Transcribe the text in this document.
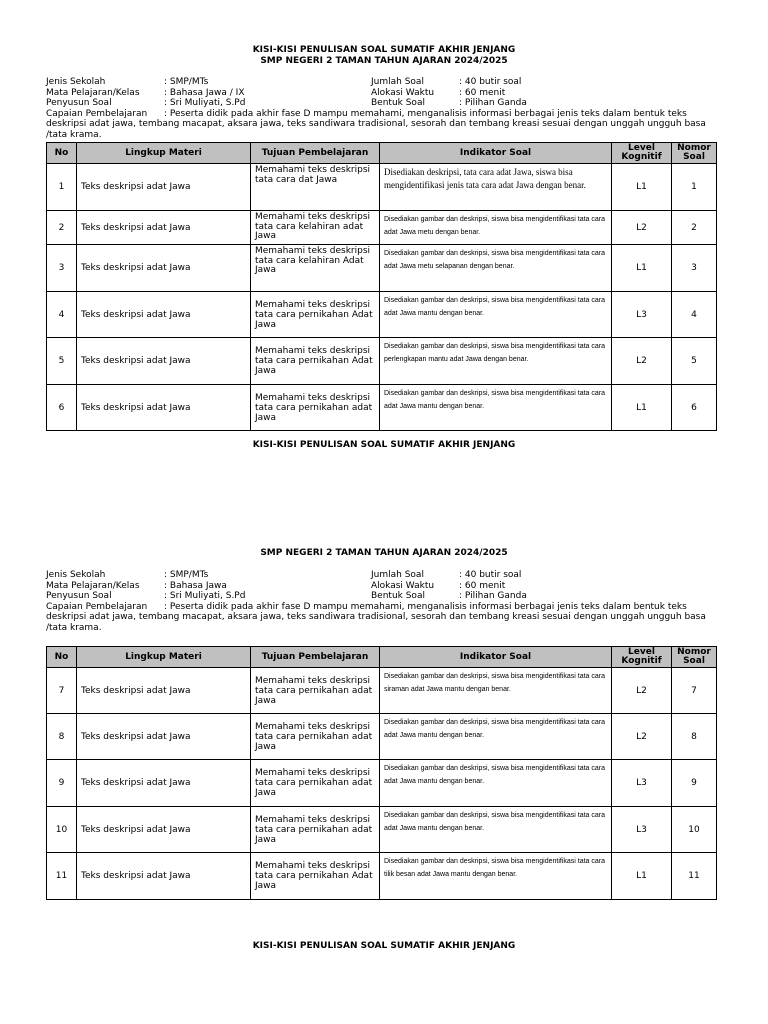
KISI-KISI PENULISAN SOAL SUMATIF AKHIR JENJANG
SMP NEGERI 2 TAMAN TAHUN AJARAN 2024/2025
Jenis Sekolah	: SMP/MTs	Jumlah Soal	: 40 butir soal
Mata Pelajaran/Kelas	: Bahasa Jawa / IX	Alokasi Waktu	: 60 menit
Penyusun Soal	: Sri Muliyati, S.Pd	Bentuk Soal	: Pilihan Ganda
Capaian Pembelajaran : Peserta didik pada akhir fase D mampu memahami, menganalisis informasi berbagai jenis teks dalam bentuk teks deskripsi adat jawa, tembang macapat, aksara jawa, teks sandiwara tradisional, sesorah dan tembang kreasi sesuai dengan unggah ungguh basa /tata krama.
No	Lingkup Materi	Tujuan Pembelajaran	Indikator Soal	Level Kognitif	Nomor Soal
1	Teks deskripsi adat Jawa	Memahami teks deskripsi tata cara dat Jawa	Disediakan deskripsi, tata cara adat Jawa, siswa bisa mengidentifikasi jenis tata cara adat Jawa dengan benar.	L1	1
2	Teks deskripsi adat Jawa	Memahami teks deskripsi tata cara kelahiran adat Jawa	Disediakan gambar dan deskripsi, siswa bisa mengidentifikasi tata cara adat Jawa metu dengan benar.	L2	2
3	Teks deskripsi adat Jawa	Memahami teks deskripsi tata cara kelahiran Adat Jawa	Disediakan gambar dan deskripsi, siswa bisa mengidentifikasi tata cara adat Jawa metu selapanan dengan benar.	L1	3
4	Teks deskripsi adat Jawa	Memahami teks deskripsi tata cara pernikahan Adat Jawa	Disediakan gambar dan deskripsi, siswa bisa mengidentifikasi tata cara adat Jawa mantu dengan benar.	L3	4
5	Teks deskripsi adat Jawa	Memahami teks deskripsi tata cara pernikahan Adat Jawa	Disediakan gambar dan deskripsi, siswa bisa mengidentifikasi tata cara perlengkapan mantu adat Jawa dengan benar.	L2	5
6	Teks deskripsi adat Jawa	Memahami teks deskripsi tata cara pernikahan adat Jawa	Disediakan gambar dan deskripsi, siswa bisa mengidentifikasi tata cara adat Jawa mantu dengan benar.	L1	6
KISI-KISI PENULISAN SOAL SUMATIF AKHIR JENJANG
SMP NEGERI 2 TAMAN TAHUN AJARAN 2024/2025
Jenis Sekolah	: SMP/MTs	Jumlah Soal	: 40 butir soal
Mata Pelajaran/Kelas	: Bahasa Jawa	Alokasi Waktu	: 60 menit
Penyusun Soal	: Sri Muliyati, S.Pd	Bentuk Soal	: Pilihan Ganda
Capaian Pembelajaran : Peserta didik pada akhir fase D mampu memahami, menganalisis informasi berbagai jenis teks dalam bentuk teks deskripsi adat jawa, tembang macapat, aksara jawa, teks sandiwara tradisional, sesorah dan tembang kreasi sesuai dengan unggah ungguh basa /tata krama.
No	Lingkup Materi	Tujuan Pembelajaran	Indikator Soal	Level Kognitif	Nomor Soal
7	Teks deskripsi adat Jawa	Memahami teks deskripsi tata cara pernikahan adat Jawa	Disediakan gambar dan deskripsi, siswa bisa mengidentifikasi tata cara siraman adat Jawa mantu dengan benar.	L2	7
8	Teks deskripsi adat Jawa	Memahami teks deskripsi tata cara pernikahan adat Jawa	Disediakan gambar dan deskripsi, siswa bisa mengidentifikasi tata cara adat Jawa mantu dengan benar.	L2	8
9	Teks deskripsi adat Jawa	Memahami teks deskripsi tata cara pernikahan adat Jawa	Disediakan gambar dan deskripsi, siswa bisa mengidentifikasi tata cara adat Jawa mantu dengan benar.	L3	9
10	Teks deskripsi adat Jawa	Memahami teks deskripsi tata cara pernikahan adat Jawa	Disediakan gambar dan deskripsi, siswa bisa mengidentifikasi tata cara adat Jawa mantu dengan benar.	L3	10
11	Teks deskripsi adat Jawa	Memahami teks deskripsi tata cara pernikahan Adat Jawa	Disediakan gambar dan deskripsi, siswa bisa mengidentifikasi tata cara tilik besan adat Jawa mantu dengan benar.	L1	11
KISI-KISI PENULISAN SOAL SUMATIF AKHIR JENJANG
